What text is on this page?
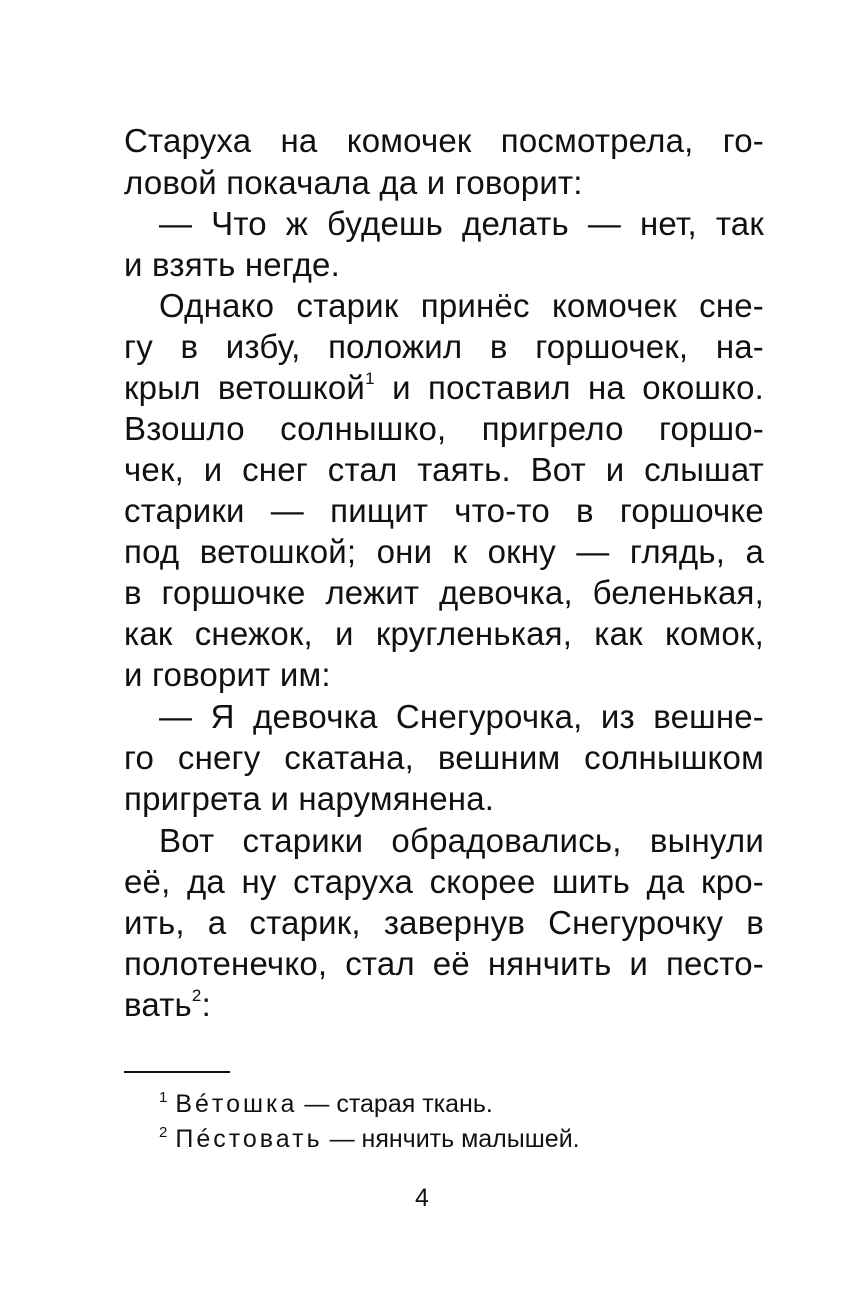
Старуха на комочек посмотрела, го-
ловой покачала да и говорит:
— Что ж будешь делать — нет, так
и взять негде.
Однако старик принёс комочек сне-
гу в избу, положил в горшочек, на-
крыл ветошкой$^1$ и поставил на окошко.
Взошло солнышко, пригрело горшо-
чек, и снег стал таять. Вот и слышат
старики — пищит что-то в горшочке
под ветошкой; они к окну — глядь, а
в горшочке лежит девочка, беленькая,
как снежок, и кругленькая, как комок,
и говорит им:
— Я девочка Снегурочка, из вешне-
го снегу скатана, вешним солнышком
пригрета и нарумянена.
Вот старики обрадовались, вынули
её, да ну старуха скорее шить да кро-
ить, а старик, завернув Снегурочку в
полотенечко, стал её нянчить и песто-
вать$^2$:
$^1$ Вéтошка — старая ткань.
$^2$ Пéстовать — нянчить малышей.
4
